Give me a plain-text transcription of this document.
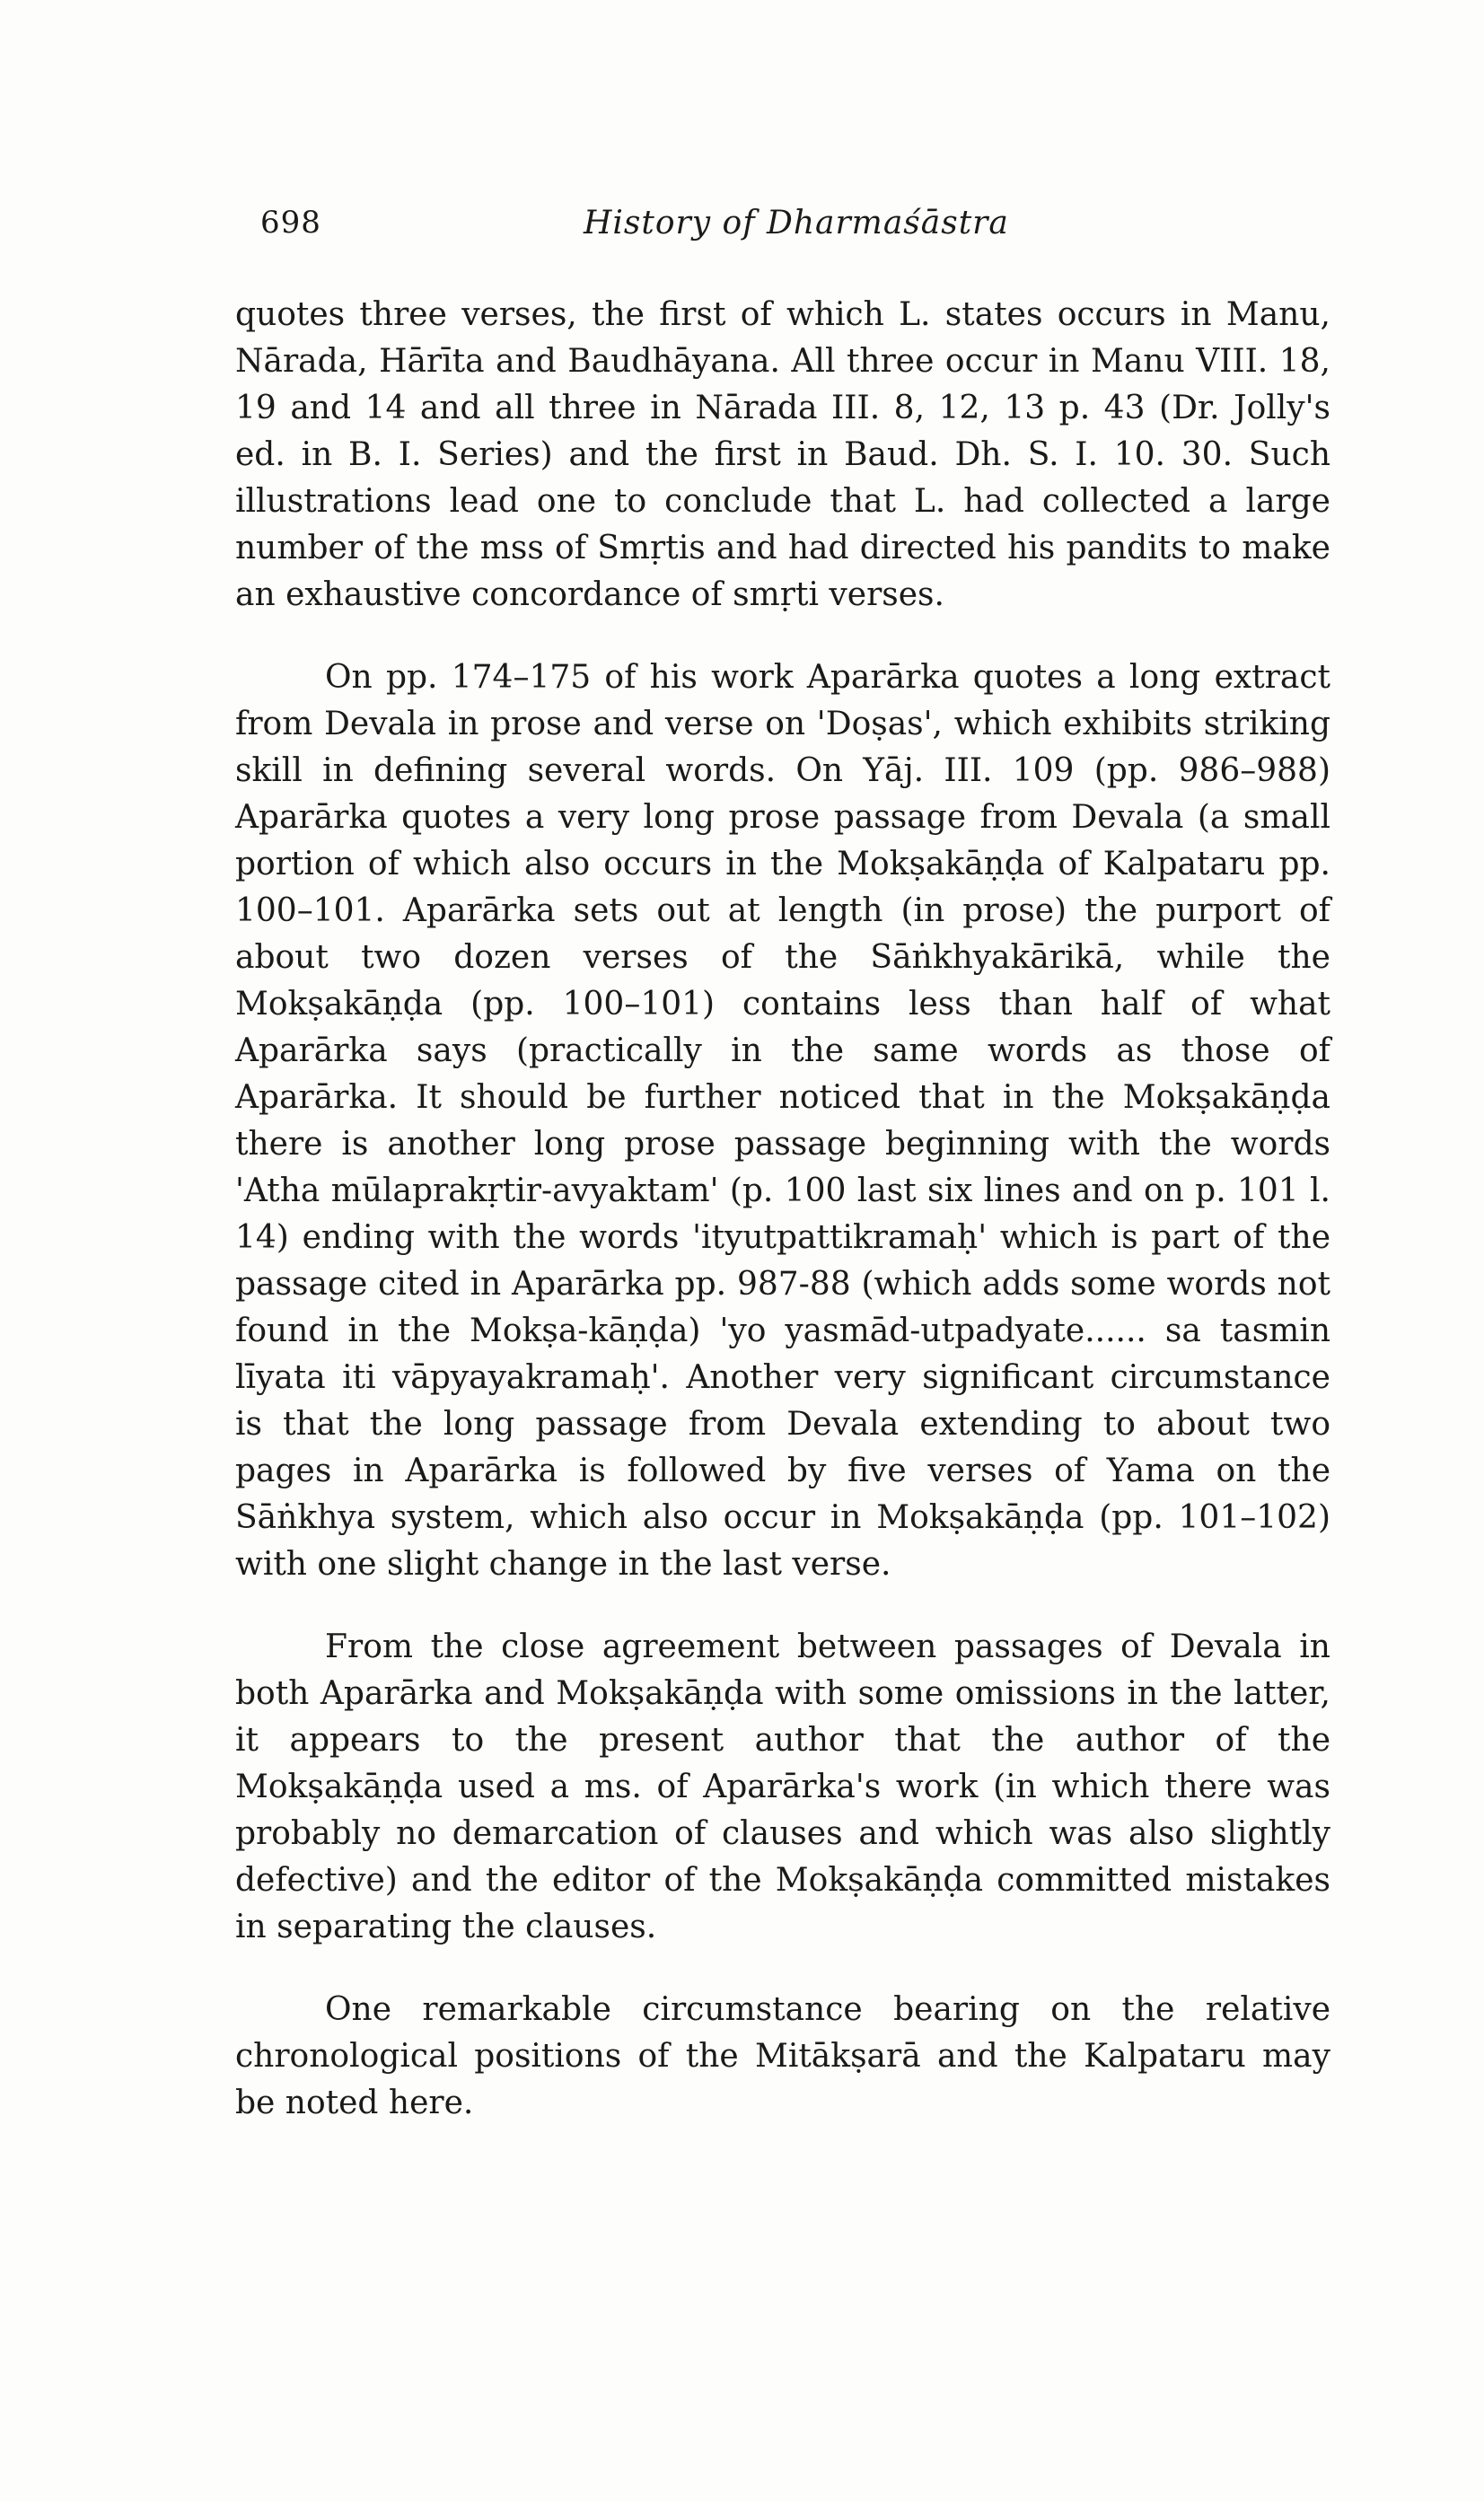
698	History of Dharmaśāstra

quotes three verses, the first of which L. states occurs in Manu, Nārada, Hārīta and Baudhāyana. All three occur in Manu VIII. 18, 19 and 14 and all three in Nārada III. 8, 12, 13 p. 43 (Dr. Jolly's ed. in B. I. Series) and the first in Baud. Dh. S. I. 10. 30. Such illustrations lead one to conclude that L. had collected a large number of the mss of Smṛtis and had directed his pandits to make an exhaustive concordance of smṛti verses.

On pp. 174–175 of his work Aparārka quotes a long extract from Devala in prose and verse on 'Doṣas', which exhibits striking skill in defining several words. On Yāj. III. 109 (pp. 986–988) Aparārka quotes a very long prose passage from Devala (a small portion of which also occurs in the Mokṣakāṇḍa of Kalpataru pp. 100–101. Aparārka sets out at length (in prose) the purport of about two dozen verses of the Sāṅkhyakārikā, while the Mokṣakāṇḍa (pp. 100–101) contains less than half of what Aparārka says (practically in the same words as those of Aparārka. It should be further noticed that in the Mokṣakāṇḍa there is another long prose passage beginning with the words 'Atha mūlaprakṛtir-avyaktam' (p. 100 last six lines and on p. 101 l. 14) ending with the words 'ityutpattikramaḥ' which is part of the passage cited in Aparārka pp. 987-88 (which adds some words not found in the Mokṣa-kāṇḍa) 'yo yasmād-utpadyate...... sa tasmin līyata iti vāpyayakramaḥ'. Another very significant circumstance is that the long passage from Devala extending to about two pages in Aparārka is followed by five verses of Yama on the Sāṅkhya system, which also occur in Mokṣakāṇḍa (pp. 101–102) with one slight change in the last verse.

From the close agreement between passages of Devala in both Aparārka and Mokṣakāṇḍa with some omissions in the latter, it appears to the present author that the author of the Mokṣakāṇḍa used a ms. of Aparārka's work (in which there was probably no demarcation of clauses and which was also slightly defective) and the editor of the Mokṣakāṇḍa committed mistakes in separating the clauses.

One remarkable circumstance bearing on the relative chronological positions of the Mitākṣarā and the Kalpataru may be noted here.
